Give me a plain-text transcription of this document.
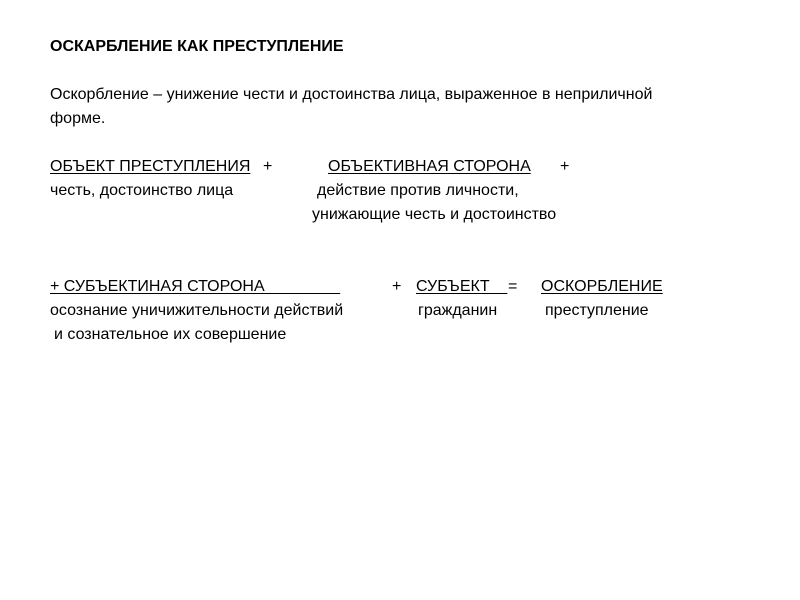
ОСКАРБЛЕНИЕ КАК ПРЕСТУПЛЕНИЕ
Оскорбление – унижение чести и достоинства лица, выраженное в неприличной
форме.
ОБЪЕКТ ПРЕСТУПЛЕНИЯ +	ОБЪЕКТИВНАЯ СТОРОНА +
честь, достоинство лица	действие против личности,
унижающие честь и достоинство
+ СУБЪЕКТИНАЯ СТОРОНА	+ СУБЪЕКТ = ОСКОРБЛЕНИЕ
осознание уничижительности действий	гражданин	преступление
и сознательное их совершение
